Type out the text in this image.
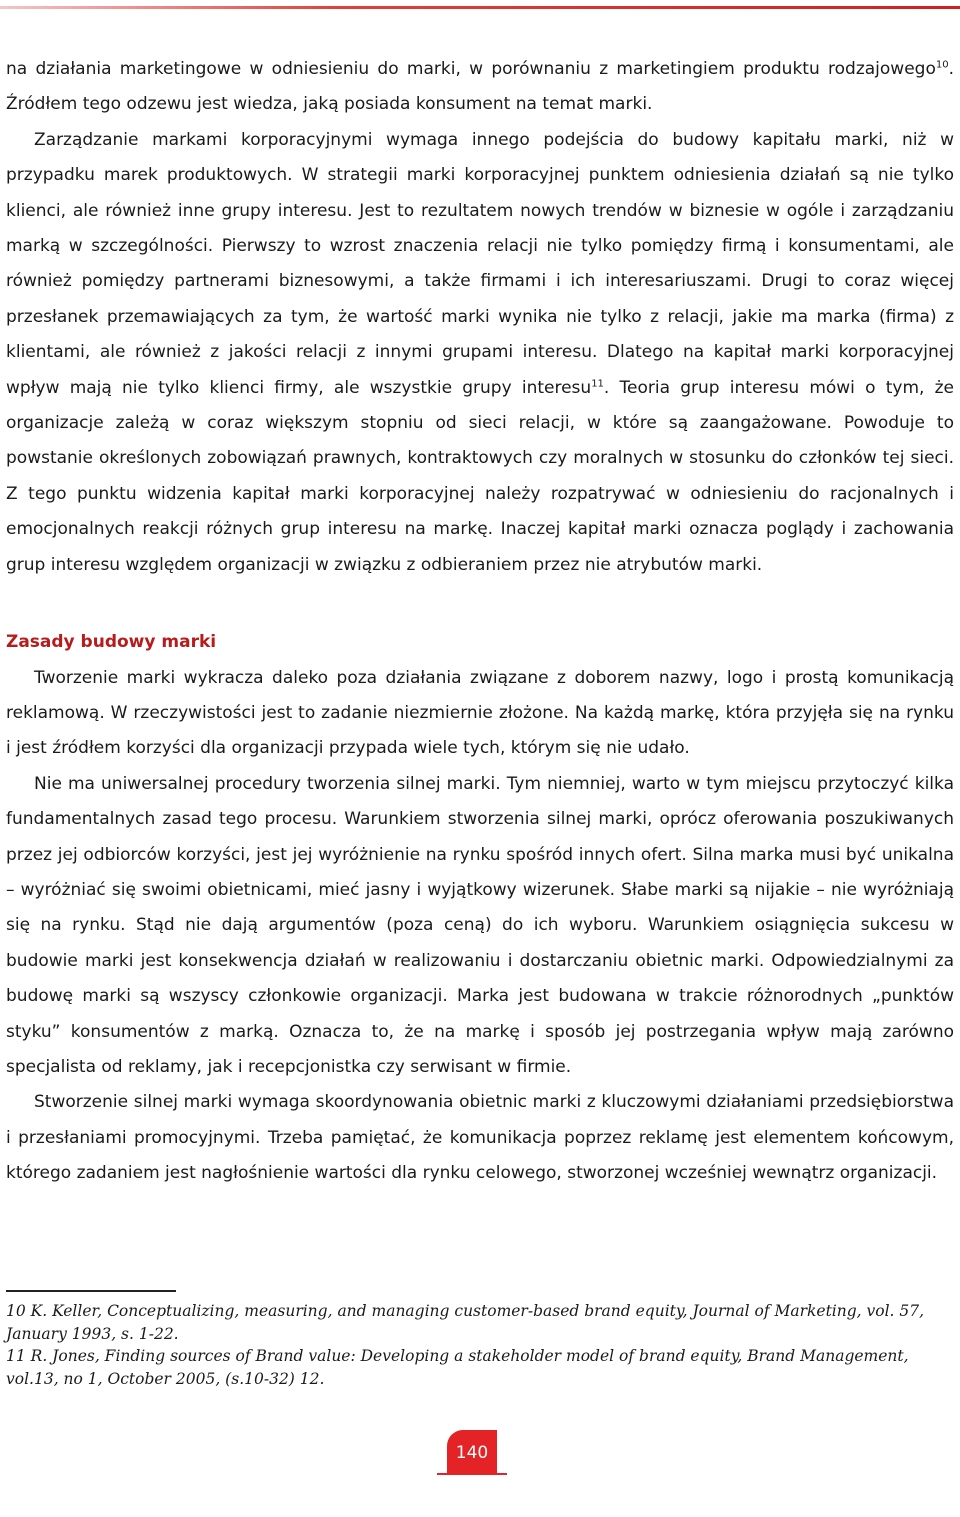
na działania marketingowe w odniesieniu do marki, w porównaniu z marketingiem produktu rodzajowego$^{10}$. Źródłem tego odzewu jest wiedza, jaką posiada konsument na temat marki.

Zarządzanie markami korporacyjnymi wymaga innego podejścia do budowy kapitału marki, niż w przypadku marek produktowych. W strategii marki korporacyjnej punktem odniesienia działań są nie tylko klienci, ale również inne grupy interesu. Jest to rezultatem nowych trendów w biznesie w ogóle i zarządzaniu marką w szczególności. Pierwszy to wzrost znaczenia relacji nie tylko pomiędzy firmą i konsumentami, ale również pomiędzy partnerami biznesowymi, a także firmami i ich interesariuszami. Drugi to coraz więcej przesłanek przemawiających za tym, że wartość marki wynika nie tylko z relacji, jakie ma marka (firma) z klientami, ale również z jakości relacji z innymi grupami interesu. Dlatego na kapitał marki korporacyjnej wpływ mają nie tylko klienci firmy, ale wszystkie grupy interesu$^{11}$. Teoria grup interesu mówi o tym, że organizacje zależą w coraz większym stopniu od sieci relacji, w które są zaangażowane. Powoduje to powstanie określonych zobowiązań prawnych, kontraktowych czy moralnych w stosunku do członków tej sieci. Z tego punktu widzenia kapitał marki korporacyjnej należy rozpatrywać w odniesieniu do racjonalnych i emocjonalnych reakcji różnych grup interesu na markę. Inaczej kapitał marki oznacza poglądy i zachowania grup interesu względem organizacji w związku z odbieraniem przez nie atrybutów marki.

Zasady budowy marki

Tworzenie marki wykracza daleko poza działania związane z doborem nazwy, logo i prostą komunikacją reklamową. W rzeczywistości jest to zadanie niezmiernie złożone. Na każdą markę, która przyjęła się na rynku i jest źródłem korzyści dla organizacji przypada wiele tych, którym się nie udało.

Nie ma uniwersalnej procedury tworzenia silnej marki. Tym niemniej, warto w tym miejscu przytoczyć kilka fundamentalnych zasad tego procesu. Warunkiem stworzenia silnej marki, oprócz oferowania poszukiwanych przez jej odbiorców korzyści, jest jej wyróżnienie na rynku spośród innych ofert. Silna marka musi być unikalna – wyróżniać się swoimi obietnicami, mieć jasny i wyjątkowy wizerunek. Słabe marki są nijakie – nie wyróżniają się na rynku. Stąd nie dają argumentów (poza ceną) do ich wyboru. Warunkiem osiągnięcia sukcesu w budowie marki jest konsekwencja działań w realizowaniu i dostarczaniu obietnic marki. Odpowiedzialnymi za budowę marki są wszyscy członkowie organizacji. Marka jest budowana w trakcie różnorodnych „punktów styku” konsumentów z marką. Oznacza to, że na markę i sposób jej postrzegania wpływ mają zarówno specjalista od reklamy, jak i recepcjonistka czy serwisant w firmie.

Stworzenie silnej marki wymaga skoordynowania obietnic marki z kluczowymi działaniami przedsiębiorstwa i przesłaniami promocyjnymi. Trzeba pamiętać, że komunikacja poprzez reklamę jest elementem końcowym, którego zadaniem jest nagłośnienie wartości dla rynku celowego, stworzonej wcześniej wewnątrz organizacji.

10 K. Keller, Conceptualizing, measuring, and managing customer-based brand equity, Journal of Marketing, vol. 57, January 1993, s. 1-22.

11 R. Jones, Finding sources of Brand value: Developing a stakeholder model of brand equity, Brand Management, vol.13, no 1, October 2005, (s.10-32) 12.

140
